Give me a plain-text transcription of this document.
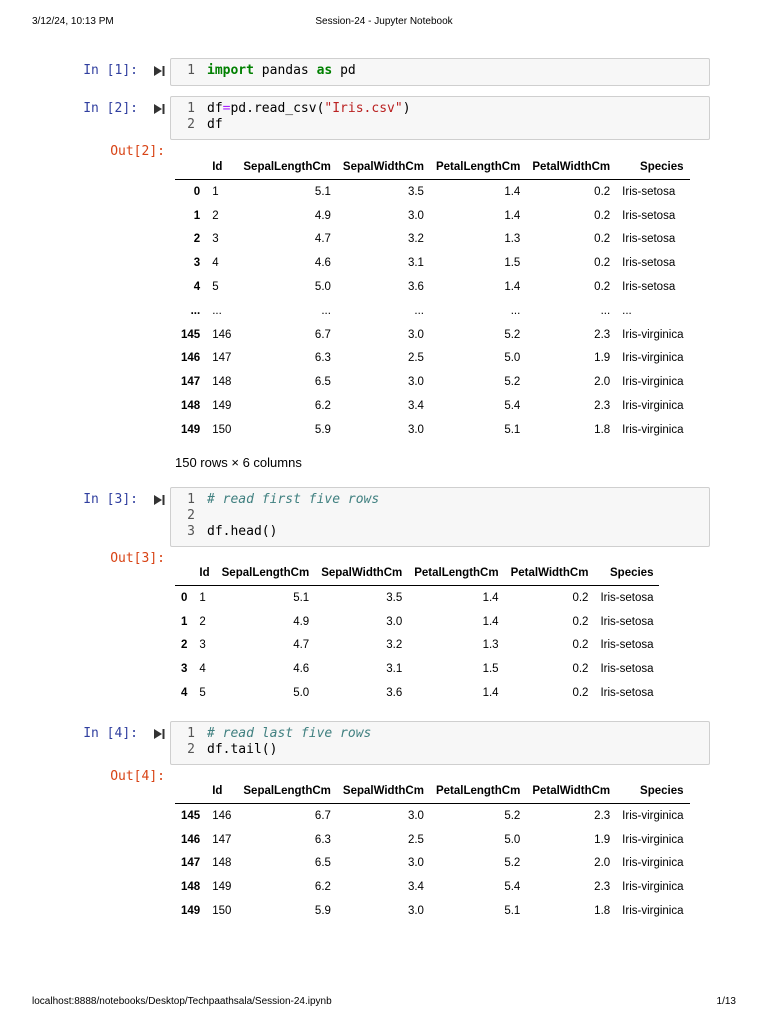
3/12/24, 10:13 PM	Session-24 - Jupyter Notebook
In [1]:	1 import pandas as pd
In [2]:	1 df=pd.read_csv("Iris.csv")
2 df
Out[2]:
	Id	SepalLengthCm	SepalWidthCm	PetalLengthCm	PetalWidthCm	Species
0	1	5.1	3.5	1.4	0.2	Iris-setosa
1	2	4.9	3.0	1.4	0.2	Iris-setosa
2	3	4.7	3.2	1.3	0.2	Iris-setosa
3	4	4.6	3.1	1.5	0.2	Iris-setosa
4	5	5.0	3.6	1.4	0.2	Iris-setosa
...	...	...	...	...	...	...
145	146	6.7	3.0	5.2	2.3	Iris-virginica
146	147	6.3	2.5	5.0	1.9	Iris-virginica
147	148	6.5	3.0	5.2	2.0	Iris-virginica
148	149	6.2	3.4	5.4	2.3	Iris-virginica
149	150	5.9	3.0	5.1	1.8	Iris-virginica
150 rows × 6 columns
In [3]:	1 # read first five rows
2
3 df.head()
Out[3]:
	Id	SepalLengthCm	SepalWidthCm	PetalLengthCm	PetalWidthCm	Species
0	1	5.1	3.5	1.4	0.2	Iris-setosa
1	2	4.9	3.0	1.4	0.2	Iris-setosa
2	3	4.7	3.2	1.3	0.2	Iris-setosa
3	4	4.6	3.1	1.5	0.2	Iris-setosa
4	5	5.0	3.6	1.4	0.2	Iris-setosa
In [4]:	1 # read last five rows
2 df.tail()
Out[4]:
	Id	SepalLengthCm	SepalWidthCm	PetalLengthCm	PetalWidthCm	Species
145	146	6.7	3.0	5.2	2.3	Iris-virginica
146	147	6.3	2.5	5.0	1.9	Iris-virginica
147	148	6.5	3.0	5.2	2.0	Iris-virginica
148	149	6.2	3.4	5.4	2.3	Iris-virginica
149	150	5.9	3.0	5.1	1.8	Iris-virginica
localhost:8888/notebooks/Desktop/Techpaathsala/Session-24.ipynb	1/13
